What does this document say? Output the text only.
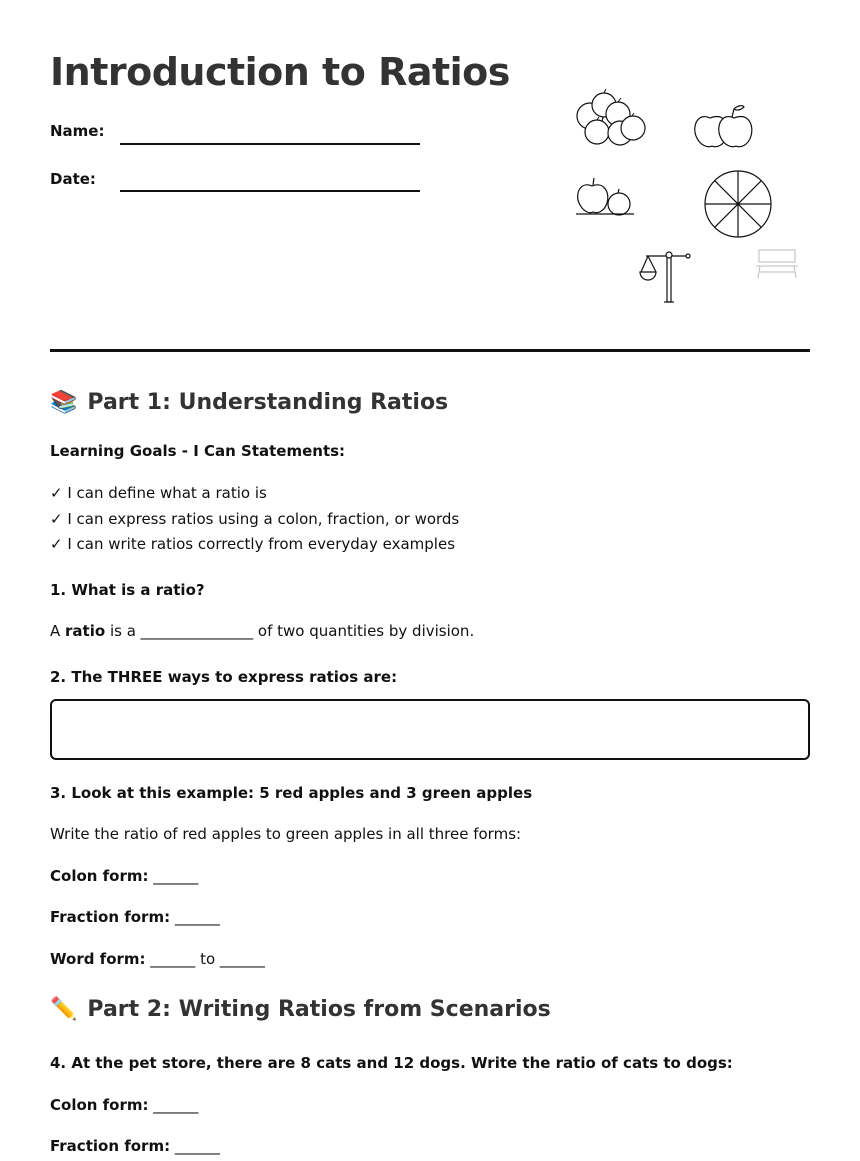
Introduction to Ratios
Name:
Date:
📚 Part 1: Understanding Ratios
Learning Goals - I Can Statements:
✓ I can define what a ratio is
✓ I can express ratios using a colon, fraction, or words
✓ I can write ratios correctly from everyday examples
1. What is a ratio?
A ratio is a _______________ of two quantities by division.
2. The THREE ways to express ratios are:
3. Look at this example: 5 red apples and 3 green apples
Write the ratio of red apples to green apples in all three forms:
Colon form: ______
Fraction form: ______
Word form: ______ to ______
✏️ Part 2: Writing Ratios from Scenarios
4. At the pet store, there are 8 cats and 12 dogs. Write the ratio of cats to dogs:
Colon form: ______
Fraction form: ______
